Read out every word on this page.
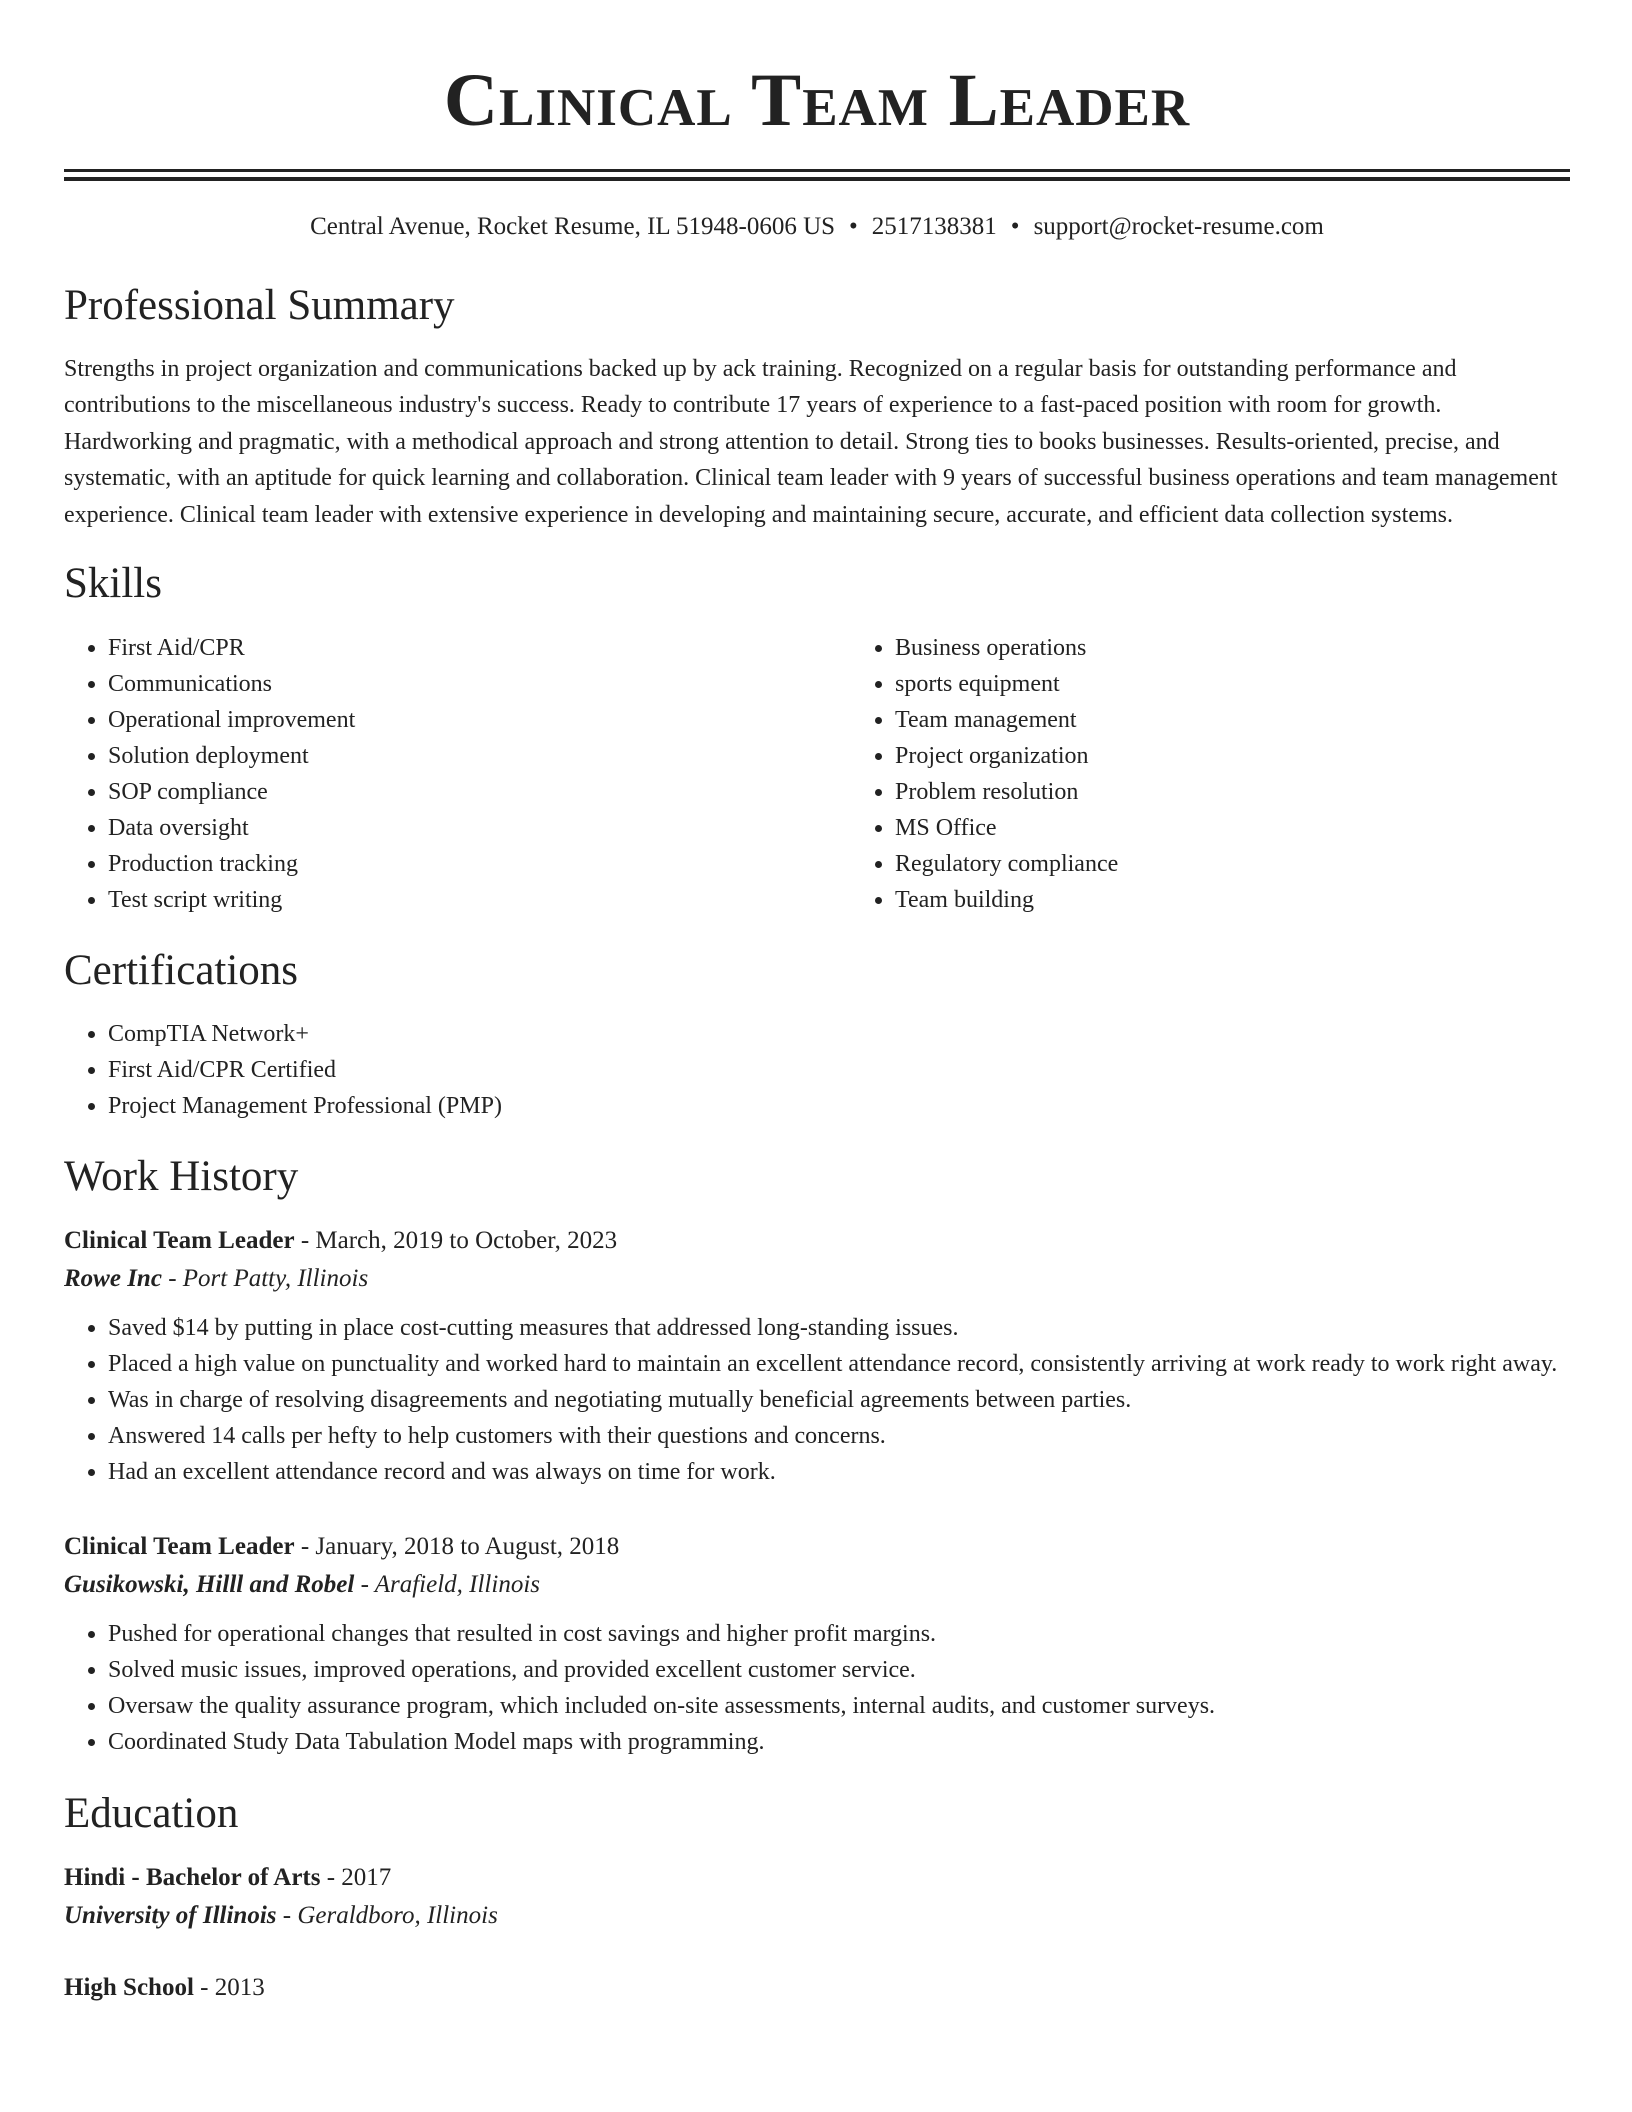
Clinical Team Leader
Central Avenue, Rocket Resume, IL 51948-0606 US • 2517138381 • support@rocket-resume.com
Professional Summary

Strengths in project organization and communications backed up by ack training. Recognized on a regular basis for outstanding performance and contributions to the miscellaneous industry's success. Ready to contribute 17 years of experience to a fast-paced position with room for growth. Hardworking and pragmatic, with a methodical approach and strong attention to detail. Strong ties to books businesses. Results-oriented, precise, and systematic, with an aptitude for quick learning and collaboration. Clinical team leader with 9 years of successful business operations and team management experience. Clinical team leader with extensive experience in developing and maintaining secure, accurate, and efficient data collection systems.

Skills
• First Aid/CPR
• Communications
• Operational improvement
• Solution deployment
• SOP compliance
• Data oversight
• Production tracking
• Test script writing
• Business operations
• sports equipment
• Team management
• Project organization
• Problem resolution
• MS Office
• Regulatory compliance
• Team building
Certifications
• CompTIA Network+
• First Aid/CPR Certified
• Project Management Professional (PMP)
Work History
Clinical Team Leader - March, 2019 to October, 2023
Rowe Inc - Port Patty, Illinois
• Saved $14 by putting in place cost-cutting measures that addressed long-standing issues.
• Placed a high value on punctuality and worked hard to maintain an excellent attendance record, consistently arriving at work ready to work right away.
• Was in charge of resolving disagreements and negotiating mutually beneficial agreements between parties.
• Answered 14 calls per hefty to help customers with their questions and concerns.
• Had an excellent attendance record and was always on time for work.
Clinical Team Leader - January, 2018 to August, 2018
Gusikowski, Hilll and Robel - Arafield, Illinois
• Pushed for operational changes that resulted in cost savings and higher profit margins.
• Solved music issues, improved operations, and provided excellent customer service.
• Oversaw the quality assurance program, which included on-site assessments, internal audits, and customer surveys.
• Coordinated Study Data Tabulation Model maps with programming.
Education
Hindi - Bachelor of Arts - 2017
University of Illinois - Geraldboro, Illinois
High School - 2013
